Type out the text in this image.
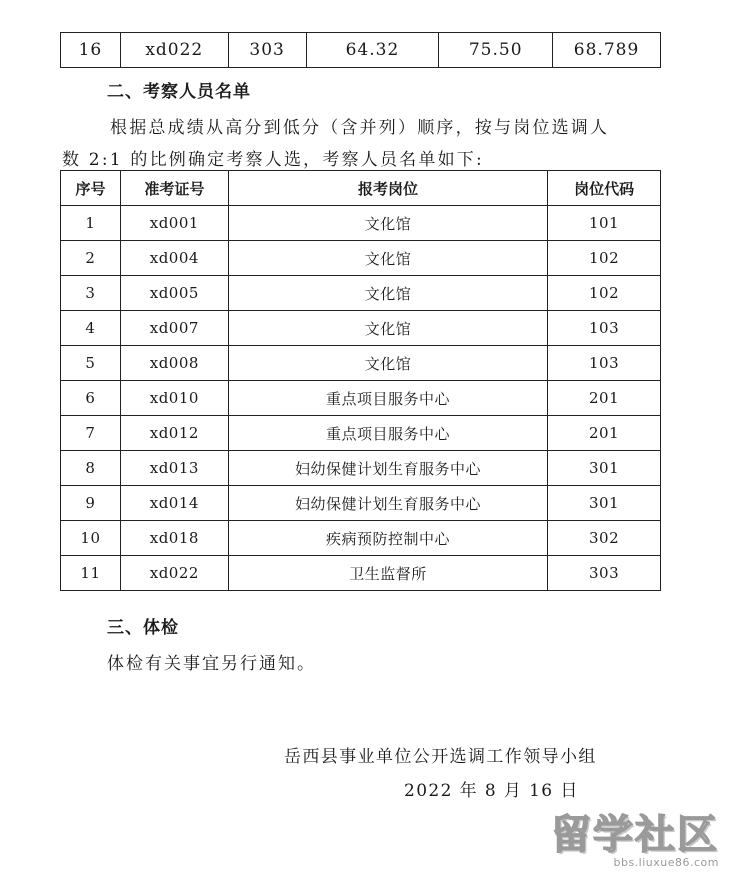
16	xd022	303	64.32	75.50	68.789
二、考察人员名单
根据总成绩从高分到低分（含并列）顺序，按与岗位选调人
数 2:1 的比例确定考察人选，考察人员名单如下:
序号	准考证号	报考岗位	岗位代码
1	xd001	文化馆	101
2	xd004	文化馆	102
3	xd005	文化馆	102
4	xd007	文化馆	103
5	xd008	文化馆	103
6	xd010	重点项目服务中心	201
7	xd012	重点项目服务中心	201
8	xd013	妇幼保健计划生育服务中心	301
9	xd014	妇幼保健计划生育服务中心	301
10	xd018	疾病预防控制中心	302
11	xd022	卫生监督所	303
三、体检
体检有关事宜另行通知。
岳西县事业单位公开选调工作领导小组
2022 年 8 月 16 日
留学社区
bbs.liuxue86.com
